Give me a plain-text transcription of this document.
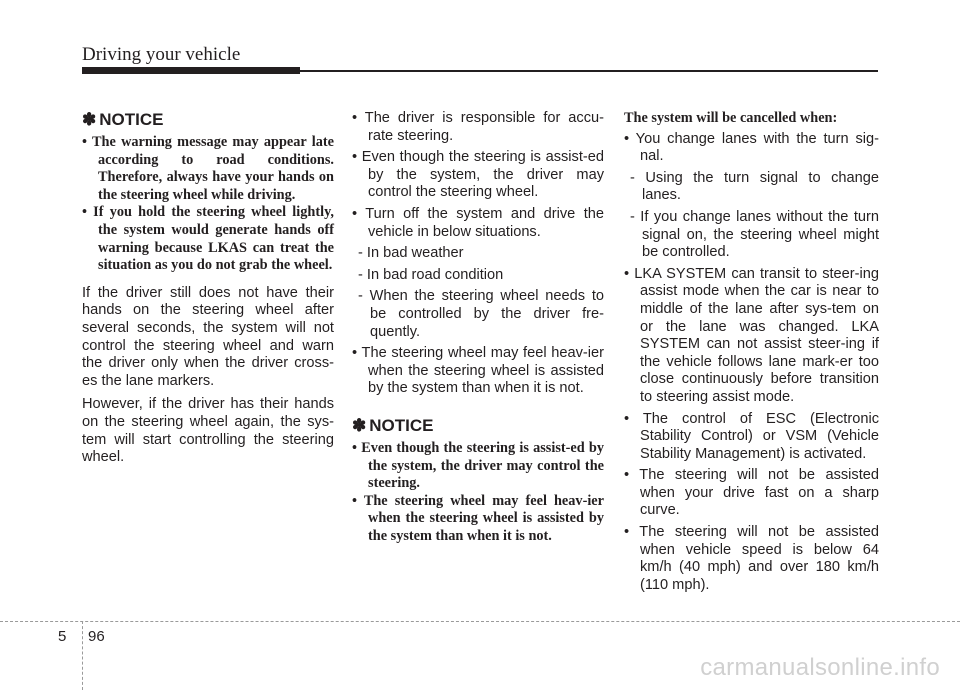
Driving your vehicle
✽ NOTICE

• The warning message may appear late according to road conditions. Therefore, always have your hands on the steering wheel while driving.

• If you hold the steering wheel lightly, the system would generate hands off warning because LKAS can treat the situation as you do not grab the wheel.

If the driver still does not have their hands on the steering wheel after several seconds, the system will not control the steering wheel and warn the driver only when the driver cross-es the lane markers.

However, if the driver has their hands on the steering wheel again, the sys-tem will start controlling the steering wheel.

• The driver is responsible for accu-rate steering.

• Even though the steering is assist-ed by the system, the driver may control the steering wheel.

• Turn off the system and drive the vehicle in below situations.

- In bad weather

- In bad road condition

- When the steering wheel needs to be controlled by the driver fre-quently.

• The steering wheel may feel heav-ier when the steering wheel is assisted by the system than when it is not.

✽ NOTICE

• Even though the steering is assist-ed by the system, the driver may control the steering.

• The steering wheel may feel heav-ier when the steering wheel is assisted by the system than when it is not.

The system will be cancelled when:

• You change lanes with the turn sig-nal.

- Using the turn signal to change lanes.

- If you change lanes without the turn signal on, the steering wheel might be controlled.

• LKA SYSTEM can transit to steer-ing assist mode when the car is near to middle of the lane after sys-tem on or the lane was changed. LKA SYSTEM can not assist steer-ing if the vehicle follows lane mark-er too close continuously before transition to steering assist mode.

• The control of ESC (Electronic Stability Control) or VSM (Vehicle Stability Management) is activated.

• The steering will not be assisted when your drive fast on a sharp curve.

• The steering will not be assisted when vehicle speed is below 64 km/h (40 mph) and over 180 km/h (110 mph).

5 96
carmanualsonline.info
